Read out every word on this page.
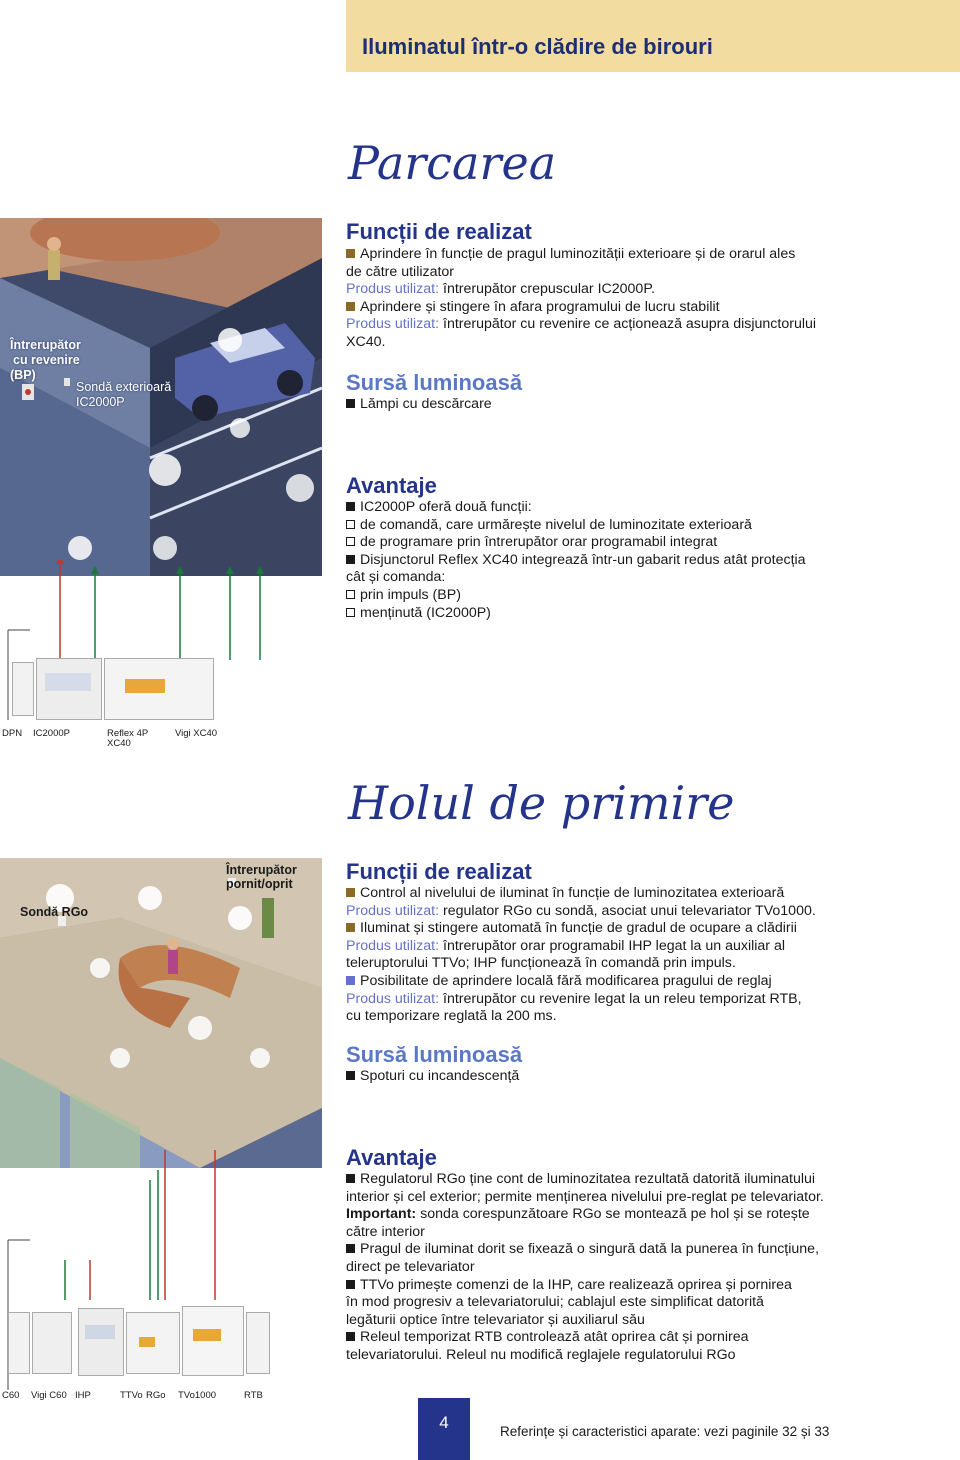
Iluminatul într-o clădire de birouri
Parcarea
Întrerupător
cu revenire
(BP)
Sondă exterioară
IC2000P
DPN IC2000P	Reflex 4P
XC40
Vigi XC40
Funcții de realizat
Aprindere în funcție de pragul luminozității exterioare și de orarul ales
de către utilizator
Produs utilizat: întrerupător crepuscular IC2000P.
Aprindere și stingere în afara programului de lucru stabilit
Produs utilizat: întrerupător cu revenire ce acționează asupra disjunctorului
XC40.
Sursă luminoasă
Lămpi cu descărcare
Avantaje
IC2000P oferă două funcții:
de comandă, care urmărește nivelul de luminozitate exterioară
de programare prin întrerupător orar programabil integrat
Disjunctorul Reflex XC40 integrează într-un gabarit redus atât protecția
cât și comanda:
prin impuls (BP)
menținută (IC2000P)
Holul de primire
Sondă RGo
Întrerupător
pornit/oprit
C60 Vigi C60 IHP	TTVo RGo TVo1000	RTB
Funcții de realizat
Control al nivelului de iluminat în funcție de luminozitatea exterioară
Produs utilizat: regulator RGo cu sondă, asociat unui televariator TVo1000.
Iluminat și stingere automată în funcție de gradul de ocupare a clădirii
Produs utilizat: întrerupător orar programabil IHP legat la un auxiliar al
teleruptorului TTVo; IHP funcționează în comandă prin impuls.
Posibilitate de aprindere locală fără modificarea pragului de reglaj
Produs utilizat: întrerupător cu revenire legat la un releu temporizat RTB,
cu temporizare reglată la 200 ms.
Sursă luminoasă
Spoturi cu incandescență
Avantaje
Regulatorul RGo ține cont de luminozitatea rezultată datorită iluminatului
interior și cel exterior; permite menținerea nivelului pre-reglat pe televariator.
Important: sonda corespunzătoare RGo se montează pe hol și se rotește
către interior
Pragul de iluminat dorit se fixează o singură dată la punerea în funcțiune,
direct pe televariator
TTVo primește comenzi de la IHP, care realizează oprirea și pornirea
în mod progresiv a televariatorului; cablajul este simplificat datorită
legăturii optice între televariator și auxiliarul său
Releul temporizat RTB controlează atât oprirea cât și pornirea
televariatorului. Releul nu modifică reglajele regulatorului RGo
4	Referințe și caracteristici aparate: vezi paginile 32 și 33
